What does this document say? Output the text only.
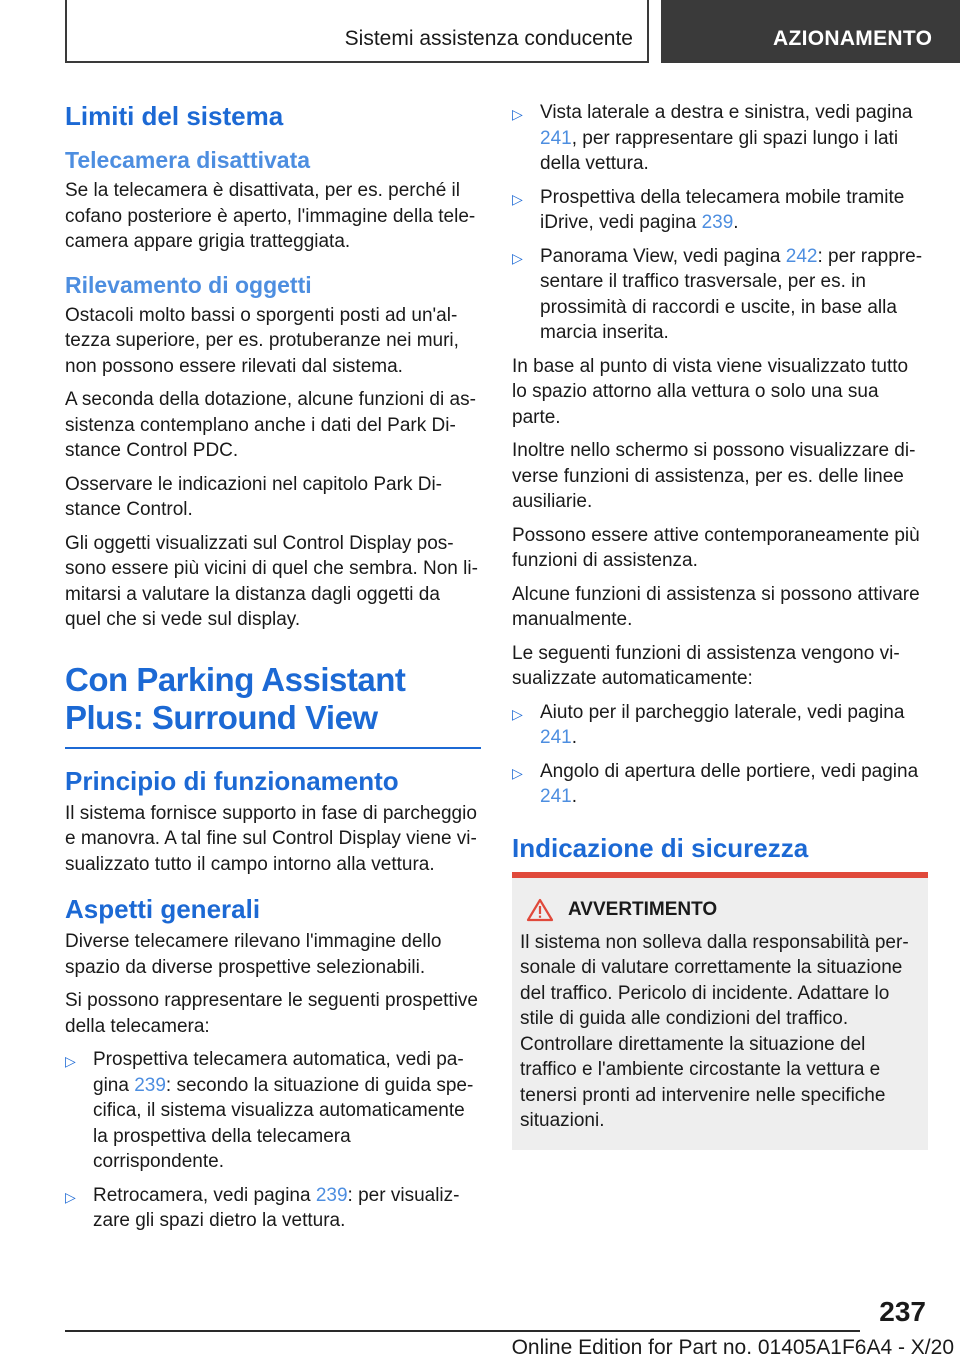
Sistemi assistenza conducente	AZIONAMENTO
Limiti del sistema
Telecamera disattivata

Se la telecamera è disattivata, per es. perché il cofano posteriore è aperto, l'immagine della telecamera appare grigia tratteggiata.

Rilevamento di oggetti

Ostacoli molto bassi o sporgenti posti ad un'altezza superiore, per es. protuberanze nei muri, non possono essere rilevati dal sistema.

A seconda della dotazione, alcune funzioni di assistenza contemplano anche i dati del Park Distance Control PDC.

Osservare le indicazioni nel capitolo Park Distance Control.

Gli oggetti visualizzati sul Control Display possono essere più vicini di quel che sembra. Non limitarsi a valutare la distanza dagli oggetti da quel che si vede sul display.

Con Parking Assistant
Plus: Surround View
Principio di funzionamento

Il sistema fornisce supporto in fase di parcheggio e manovra. A tal fine sul Control Display viene visualizzato tutto il campo intorno alla vettura.

Aspetti generali

Diverse telecamere rilevano l'immagine dello spazio da diverse prospettive selezionabili.

Si possono rappresentare le seguenti prospettive della telecamera:

▷ Prospettiva telecamera automatica, vedi pagina 239: secondo la situazione di guida specifica, il sistema visualizza automaticamente la prospettiva della telecamera corrispondente.
▷ Retrocamera, vedi pagina 239: per visualizzare gli spazi dietro la vettura.
▷ Vista laterale a destra e sinistra, vedi pagina 241, per rappresentare gli spazi lungo i lati della vettura.
▷ Prospettiva della telecamera mobile tramite iDrive, vedi pagina 239.
▷ Panorama View, vedi pagina 242: per rappresentare il traffico trasversale, per es. in prossimità di raccordi e uscite, in base alla marcia inserita.

In base al punto di vista viene visualizzato tutto lo spazio attorno alla vettura o solo una sua parte.

Inoltre nello schermo si possono visualizzare diverse funzioni di assistenza, per es. delle linee ausiliarie.

Possono essere attive contemporaneamente più funzioni di assistenza.

Alcune funzioni di assistenza si possono attivare manualmente.

Le seguenti funzioni di assistenza vengono visualizzate automaticamente:

▷ Aiuto per il parcheggio laterale, vedi pagina 241.
▷ Angolo di apertura delle portiere, vedi pagina 241.
Indicazione di sicurezza
AVVERTIMENTO

Il sistema non solleva dalla responsabilità personale di valutare correttamente la situazione del traffico. Pericolo di incidente. Adattare lo stile di guida alle condizioni del traffico. Controllare direttamente la situazione del traffico e l'ambiente circostante la vettura e tenersi pronti ad intervenire nelle specifiche situazioni.

237
Online Edition for Part no. 01405A1F6A4 - X/20
